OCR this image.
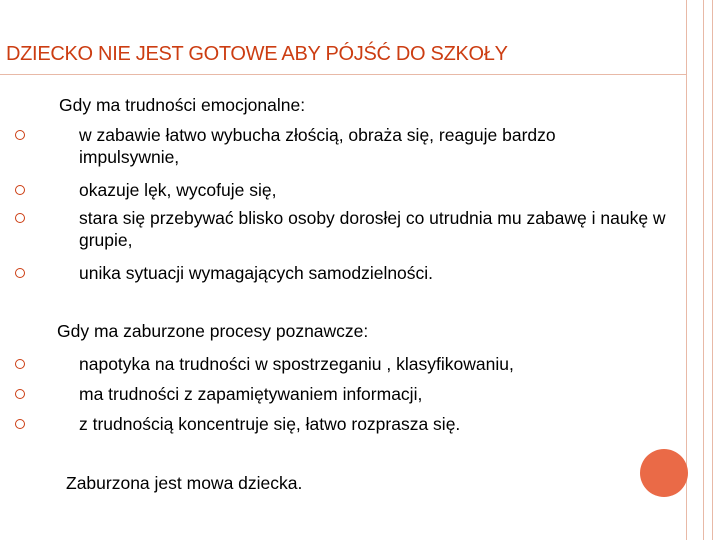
DZIECKO NIE JEST GOTOWE ABY PÓJŚĆ DO SZKOŁY
Gdy ma trudności emocjonalne:
w zabawie łatwo wybucha złością, obraża się, reaguje bardzo impulsywnie,
okazuje lęk, wycofuje się,
stara się przebywać blisko osoby dorosłej co utrudnia mu zabawę i naukę w grupie,
unika sytuacji wymagających samodzielności.
Gdy ma zaburzone procesy poznawcze:
napotyka na trudności w spostrzeganiu , klasyfikowaniu,
ma trudności z zapamiętywaniem informacji,
z trudnością koncentruje się, łatwo rozprasza się.
Zaburzona jest mowa dziecka.
